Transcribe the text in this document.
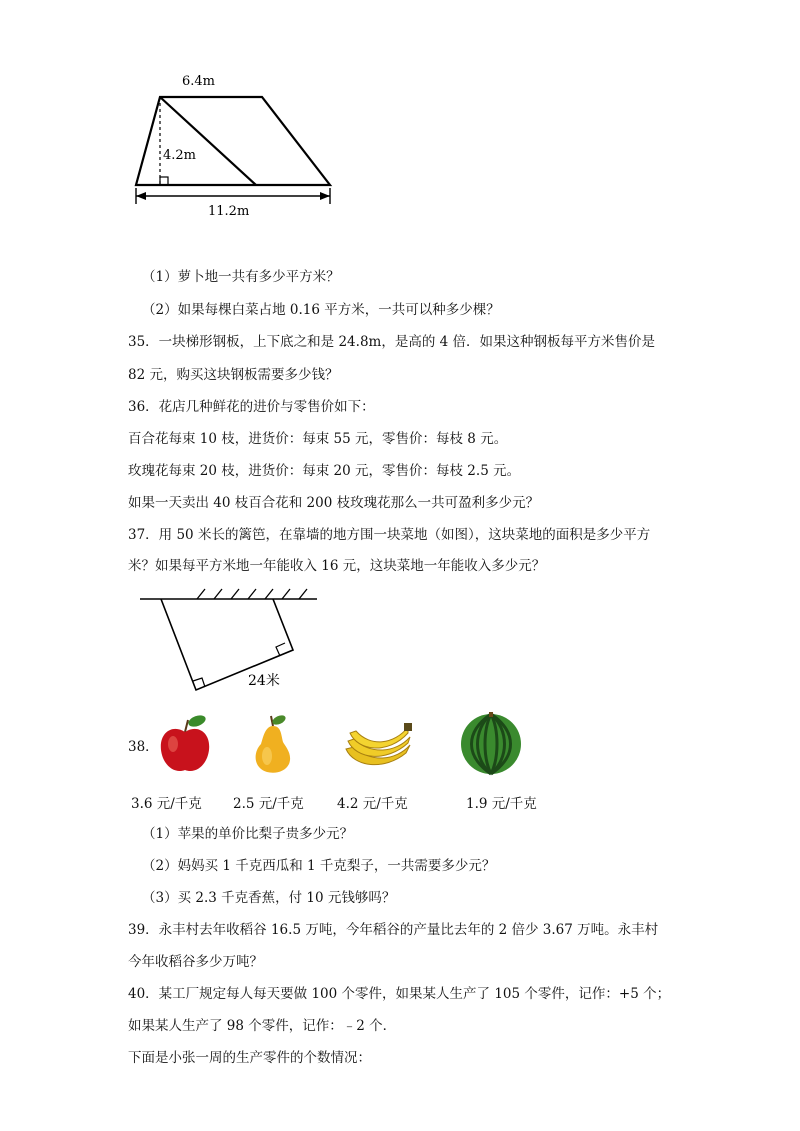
6.4m
4.2m
11.2m
（1）萝卜地一共有多少平方米？
（2）如果每棵白菜占地 0.16 平方米，一共可以种多少棵？
35．一块梯形钢板，上下底之和是 24.8m，是高的 4 倍．如果这种钢板每平方米售价是
82 元，购买这块钢板需要多少钱？
36．花店几种鲜花的进价与零售价如下：
百合花每束 10 枝，进货价：每束 55 元，零售价：每枝 8 元。
玫瑰花每束 20 枝，进货价：每束 20 元，零售价：每枝 2.5 元。
如果一天卖出 40 枝百合花和 200 枝玫瑰花那么一共可盈利多少元？
37．用 50 米长的篱笆，在靠墙的地方围一块菜地（如图），这块菜地的面积是多少平方
米？如果每平方米地一年能收入 16 元，这块菜地一年能收入多少元？
24米
38．
3.6 元/千克 2.5 元/千克 4.2 元/千克	1.9 元/千克
（1）苹果的单价比梨子贵多少元？
（2）妈妈买 1 千克西瓜和 1 千克梨子，一共需要多少元？
（3）买 2.3 千克香蕉，付 10 元钱够吗？
39．永丰村去年收稻谷 16.5 万吨，今年稻谷的产量比去年的 2 倍少 3.67 万吨。永丰村
今年收稻谷多少万吨？
40．某工厂规定每人每天要做 100 个零件，如果某人生产了 105 个零件，记作：+5 个；
如果某人生产了 98 个零件，记作：﹣2 个．
下面是小张一周的生产零件的个数情况：
